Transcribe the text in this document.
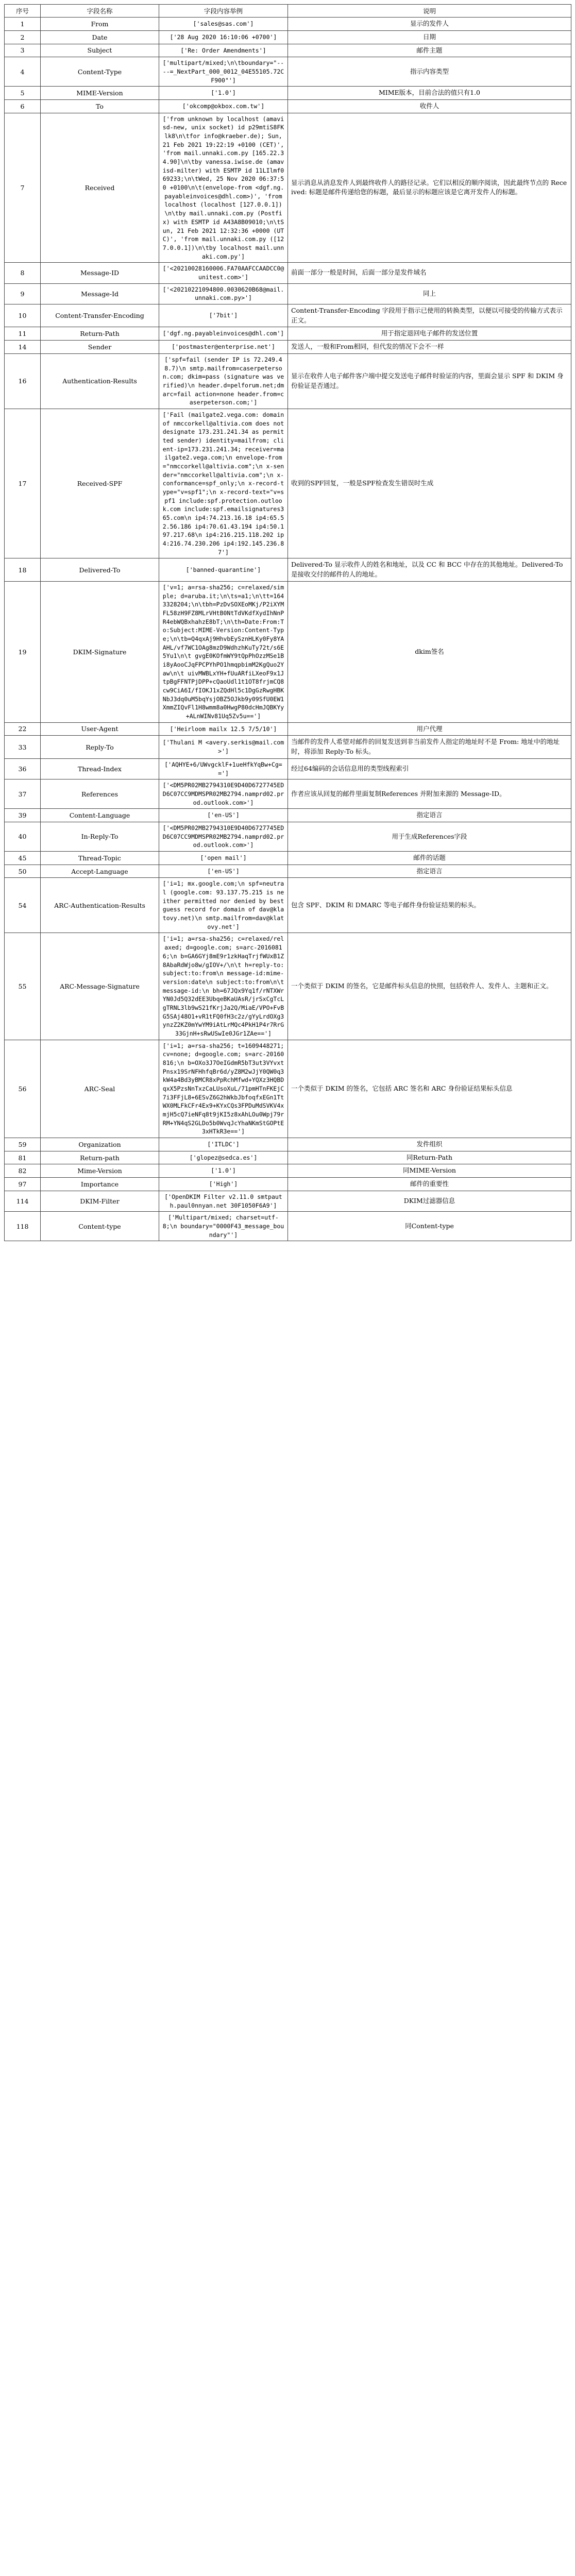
序号	字段名称	字段内容举例	说明
1	From	['sales@sas.com']	显示的发件人
2	Date	['28 Aug 2020 16:10:06 +0700']	日期
3	Subject	['Re: Order Amendments']	邮件主题
4	Content-Type	['multipart/mixed;\n\tboundary="----=_NextPart_000_0012_04E55105.72CF900"']	指示内容类型
5	MIME-Version	['1.0']	MIME版本，目前合法的值只有1.0
6	To	['okcomp@okbox.com.tw']	收件人
7	Received	['from unknown by localhost (amavisd-new, unix socket) id p29mtiS8FKlk8\n\tfor info@kraeber.de); Sun, 21 Feb 2021 19:22:19 +0100 (CET)', 'from mail.unnaki.com.py [165.22.34.90]\n\tby vanessa.iwise.de (amavisd-milter) with ESMTP id 11LIlmf069233;\n\tWed, 25 Nov 2020 06:37:50 +0100\n\t(envelope-from <dgf.ng.payableinvoices@dhl.com>)', 'from localhost (localhost [127.0.0.1])\n\tby mail.unnaki.com.py (Postfix) with ESMTP id A43A8B09010;\n\tSun, 21 Feb 2021 12:32:36 +0000 (UTC)', 'from mail.unnaki.com.py ([127.0.0.1])\n\tby localhost mail.unnaki.com.py']	显示消息从消息发件人到最终收件人的路径记录。它们以相反的顺序阅读，因此最终节点的 Received: 标题是邮件传递给您的标题，最后显示的标题应该是它离开发件人的标题。
8	Message-ID	['<20210028160006.FA70AAFCCAADCC0@unitest.com>']	前面一部分一般是时间，后面一部分是发件域名
9	Message-Id	['<20210221094800.0030620B68@mail.unnaki.com.py>']	同上
10	Content-Transfer-Encoding	['7bit']	Content-Transfer-Encoding 字段用于指示已使用的转换类型，以便以可接受的传输方式表示正文。
11	Return-Path	['dgf.ng.payableinvoices@dhl.com']	用于指定退回电子邮件的发送位置
14	Sender	['postmaster@enterprise.net']	发送人，一般和From相同，但代发的情况下会不一样
16	Authentication-Results	['spf=fail (sender IP is 72.249.48.7)\n smtp.mailfrom=caserpeterson.com; dkim=pass (signature was verified)\n header.d=pelforum.net;dmarc=fail action=none header.from=caserpeterson.com;']	显示在收件人电子邮件客户端中提交发送电子邮件时验证的内容，里面会显示 SPF 和 DKIM 身份验证是否通过。
17	Received-SPF	['Fail (mailgate2.vega.com: domain of nmccorkell@altivia.com does not designate 173.231.241.34 as permitted sender) identity=mailfrom; client-ip=173.231.241.34; receiver=mailgate2.vega.com;\n envelope-from="nmccorkell@altivia.com";\n x-sender="nmccorkell@altivia.com";\n x-conformance=spf_only;\n x-record-type="v=spf1";\n x-record-text="v=spf1 include:spf.protection.outlook.com include:spf.emailsignatures365.com\n ip4:74.213.16.18 ip4:65.52.56.186 ip4:70.61.43.194 ip4:50.197.217.68\n ip4:216.215.118.202 ip4:216.74.230.206 ip4:192.145.236.87']	收到的SPF回复，一般是SPF检查发生错误时生成
18	Delivered-To	['banned-quarantine']	Delivered-To 显示收件人的姓名和地址，以及 CC 和 BCC 中存在的其他地址。Delivered-To 是接收交付的邮件的人的地址。
19	DKIM-Signature	['v=1; a=rsa-sha256; c=relaxed/simple; d=aruba.it;\n\ts=a1;\n\tt=1643328204;\n\tbh=PzDvSOXEoMKj/P2iXYMFL58zH9FZ8MLrVHtB0NtTdVKdfXydIhNnPR4ebWQBxhahzE8bT;\n\th=Date:From:To:Subject:MIME-Version:Content-Type;\n\tb=Q4qxAj9HhvbEySznHLKy0Fy8YAAHL/vf7WC1OAg8mzD9WdhzhKuTy72t/s6E5Yu1\n\t gvgE0KOfmWY9tQpPhOzzMSe1Bi8yAooCJqFPCPYhPO1hmqpbimM2KgQuo2Yaw\n\t uivMWBLxYH+fUuARfiLXeoF9x1JtpBgFFNTPjDPP+cQaoUdl1t1OT8frjmCQ8cw9CiA6I/fIOKJ1xZQdHl5c1DgGzRwgHBKNbJ3dq0uM5bqYsjOBZ5OJkb9y09SfU0EW1XmmZIQvFl1H8wmm8a0HwgP80dcHmJQBKYy+ALnWINv81Uq5Zv5u==']	dkim签名
22	User-Agent	['Heirloom mailx 12.5 7/5/10']	用户代理
33	Reply-To	['Thulani M <avery.serkis@mail.com>']	当邮件的发件人希望对邮件的回复发送到非当前发件人指定的地址时不是 From: 地址中的地址时，将添加 Reply-To 标头。
36	Thread-Index	['AQHYE+6/UWvgcklF+1ueHfkYqBw+Cg==']	经过64编码的会话信息用的类型线程索引
37	References	['<DM5PR02MB2794310E9D40D6727745EDD6C07CC9MDMSPR02MB2794.namprd02.prod.outlook.com>']	作者应该从回复的邮件里面复制References 并附加来源的 Message-ID。
39	Content-Language	['en-US']	指定语言
40	In-Reply-To	['<DM5PR02MB2794310E9D40D6727745EDD6C07CC9MDMSPR02MB2794.namprd02.prod.outlook.com>']	用于生成References字段
45	Thread-Topic	['open mail']	邮件的话题
50	Accept-Language	['en-US']	指定语言
54	ARC-Authentication-Results	['i=1; mx.google.com;\n spf=neutral (google.com: 93.137.75.215 is neither permitted nor denied by best guess record for domain of dav@klatovy.net)\n smtp.mailfrom=dav@klatovy.net']	包含 SPF、DKIM 和 DMARC 等电子邮件身份验证结果的标头。
55	ARC-Message-Signature	['i=1; a=rsa-sha256; c=relaxed/relaxed; d=google.com; s=arc-20160816;\n b=GA6GYj8mE9r1zkHaqTrjfWUxB1Z8AbaRdWjo8w/gIOV+/\n\t h=reply-to:subject:to:from\n message-id:mime-version:date\n subject:to:from\n\t message-id:\n bh=67JQx9Yq1f/rNTXWrYN0Jd5Q32dEE3UbqeBKaUAsR/jrSxCgTcLgTRNL3lb9wS21fKrjJa2Q/MiaE/VPO+FvBG5SAj48O1+vR1tFQ0fH3c2z/gYyLrdOXg3ynzZ2KZ0mYwYM9iAtLrMQc4PkH1P4r7RrG33GjnH+sRwUSwIe0JGr1ZAe==']	一个类似于 DKIM 的签名，它是邮件标头信息的快照，包括收件人、发件人、主题和正文。
56	ARC-Seal	['i=1; a=rsa-sha256; t=1609448271; cv=none; d=google.com; s=arc-20160816;\n b=OXo3J7OeIGdmR5bT3ut3VYvxtPnsx19SrNFHhfqBr6d/yZ8M2wJjY0QW0q3kW4a4Bd3yBMCR8xPpRchMfwd+YQXz3HQBDqxX5PzsNnTxzCaLUsoXuL/71pmHTnFKEjC7i3FFjL8+6ESvZ6G2hWkbJbfoqfxEGn1TtWX0MLFkCFr4Ex9+KYxCQs3FPDuMdSVKV4xmjH5cQ7ieNFq8t9jKI5z8xAhLOu0Wpj79rRM+YN4qS2GLDo5b0WvqJcYhaNKmStGOPtE3xHTkR3e==']	一个类似于 DKIM 的签名，它包括 ARC 签名和 ARC 身份验证结果标头信息
59	Organization	['ITLDC']	发件组织
81	Return-path	['glopez@sedca.es']	同Return-Path
82	Mime-Version	['1.0']	同MIME-Version
97	Importance	['High']	邮件的重要性
114	DKIM-Filter	['OpenDKIM Filter v2.11.0 smtpauth.paul0nnyan.net 30F1050F6A9']	DKIM过滤器信息
118	Content-type	['Multipart/mixed; charset=utf-8;\n boundary="0000F43_message_boundary"']	同Content-type
